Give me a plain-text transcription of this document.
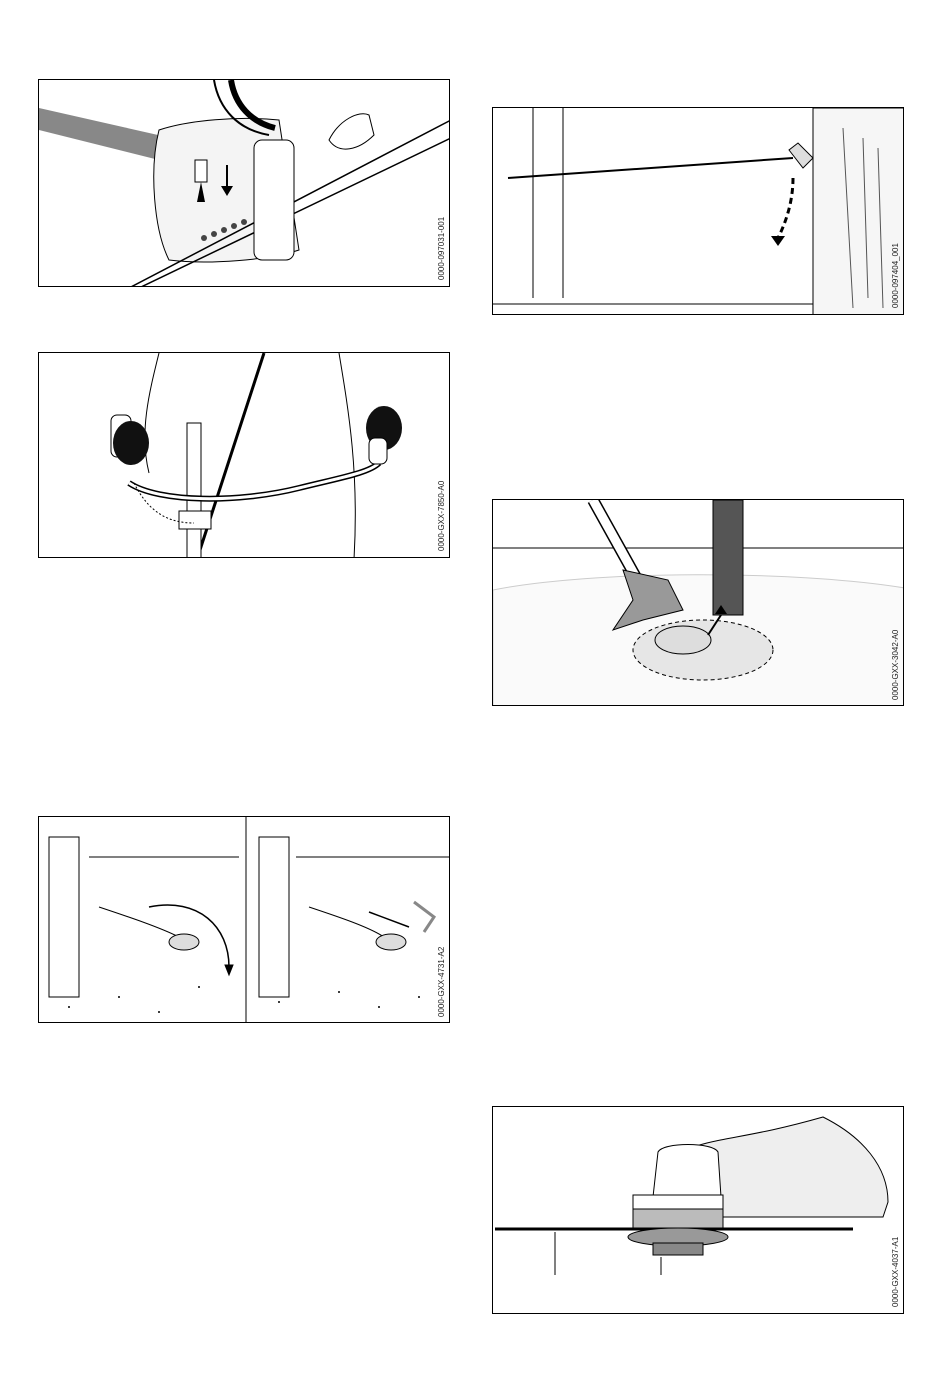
0000-097031-001
0000-GXX-7850-A0
0000-GXX-4731-A2
0000-097404_001
0000-GXX-3042-A0
0000-GXX-4037-A1
